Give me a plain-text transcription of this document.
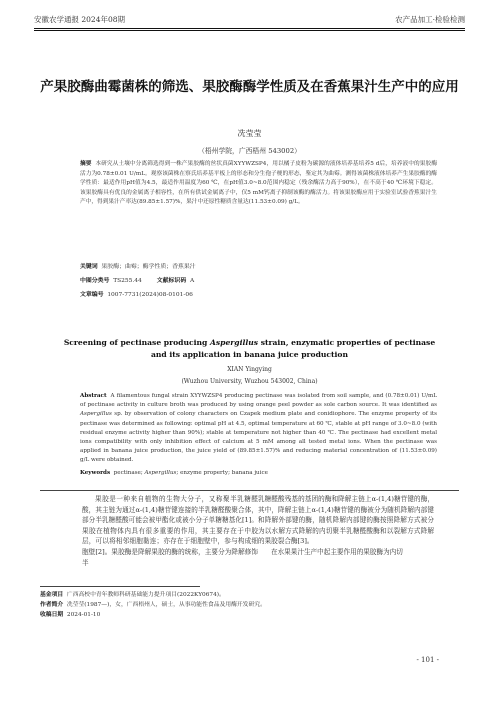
安徽农学通报 2024年08期	农产品加工·检验检测
产果胶酶曲霉菌株的筛选、果胶酶酶学性质及在香蕉果汁生产中的应用
冼莹莹
（梧州学院，广西梧州 543002）
摘要 本研究从土壤中分离筛选得到一株产果胶酶的丝状真菌XYYWZSP4，用以橘子皮粉为碳源的液体培养基培养5 d后，培养液中的果胶酶活力为0.78±0.01 U/mL。观察该菌株在察氏培养基平板上的形态和分生孢子梗的形态，鉴定其为曲霉。测得该菌株液体培养产生果胶酶的酶学性质：最适作用pH值为4.5，最适作用温度为60 ℃，在pH值3.0~8.0范围内稳定（残余酶活力高于90%），在不高于40 ℃环境下稳定。该果胶酶具有优良的金属离子相容性，在所有供试金属离子中，仅5 mM钙离子抑制该酶的酶活力。将该果胶酶应用于实验室试验香蕉果汁生产中，得到果汁产率达(89.85±1.57)%，果汁中还原性糖质含量达(11.53±0.09) g/L。
关键词 果胶酶；曲霉；酶学性质；香蕉果汁
中图分类号 TS255.44	文献标识码 A
文章编号 1007-7731(2024)08-0101-06
Screening of pectinase producing Aspergillus strain, enzymatic properties of pectinase and its application in banana juice production
XIAN Yingying
(Wuzhou University, Wuzhou 543002, China)
Abstract A filamentous fungal strain XYYWZSP4 producing pectinase was isolated from soil sample, and (0.78±0.01) U/mL of pectinase activity in culture broth was produced by using orange peel powder as sole carbon source. It was identified as Aspergillus sp. by observation of colony characters on Czapek medium plate and conidiophore. The enzyme property of its pectinase was determined as following: optimal pH at 4.5, optimal temperature at 60 ℃, stable at pH range of 3.0~8.0 (with residual enzyme activity higher than 90%); stable at temperature not higher than 40 ℃. The pectinase had excellent metal ions compatibility with only inhibition effect of calcium at 5 mM among all tested metal ions. When the pectinase was applied in banana juice production, the juice yield of (89.85±1.57)% and reducing material concentration of (11.53±0.09) g/L were obtained.
Keywords pectinase; Aspergillus; enzyme property; banana juice

果胶是一种来自植物的生物大分子，又称聚半乳糖醛酸，其主链为通过α-(1,4)糖苷键连接的半乳糖醛酸聚合体，部分半乳糖醛酸可能会被甲酯化或被小分子单糖糖基化[1]。果胶在植物体内具有很多重要的作用，其主要存在于中胶层，可以将相邻细胞黏连；亦存在于细胞壁中，参与构成细胞壁[2]。果胶酶是降解果胶的酶的统称，主要分为降解修饰半

乳糖醛酸残基的基团的酶和降解主链上α-(1,4)糖苷键的酶，其中，降解主链上α-(1,4)糖苷键的酶被分为随机降解内部键和降解外部键的酶，随机降解内部键的酶按照降解方式被分为以水解方式降解的内切聚半乳糖醛酸酶和以裂解方式降解的果胶裂合酶[3]。

在水果果汁生产中起主要作用的果胶酶为内切

基金项目 广西高校中青年教师科研基础能力提升项目(2022KY0674)。
作者简介 冼莹莹(1987—)，女，广西梧州人，硕士，从事功能性食品及用酶开发研究。
收稿日期 2024-01-10
- 101 -
